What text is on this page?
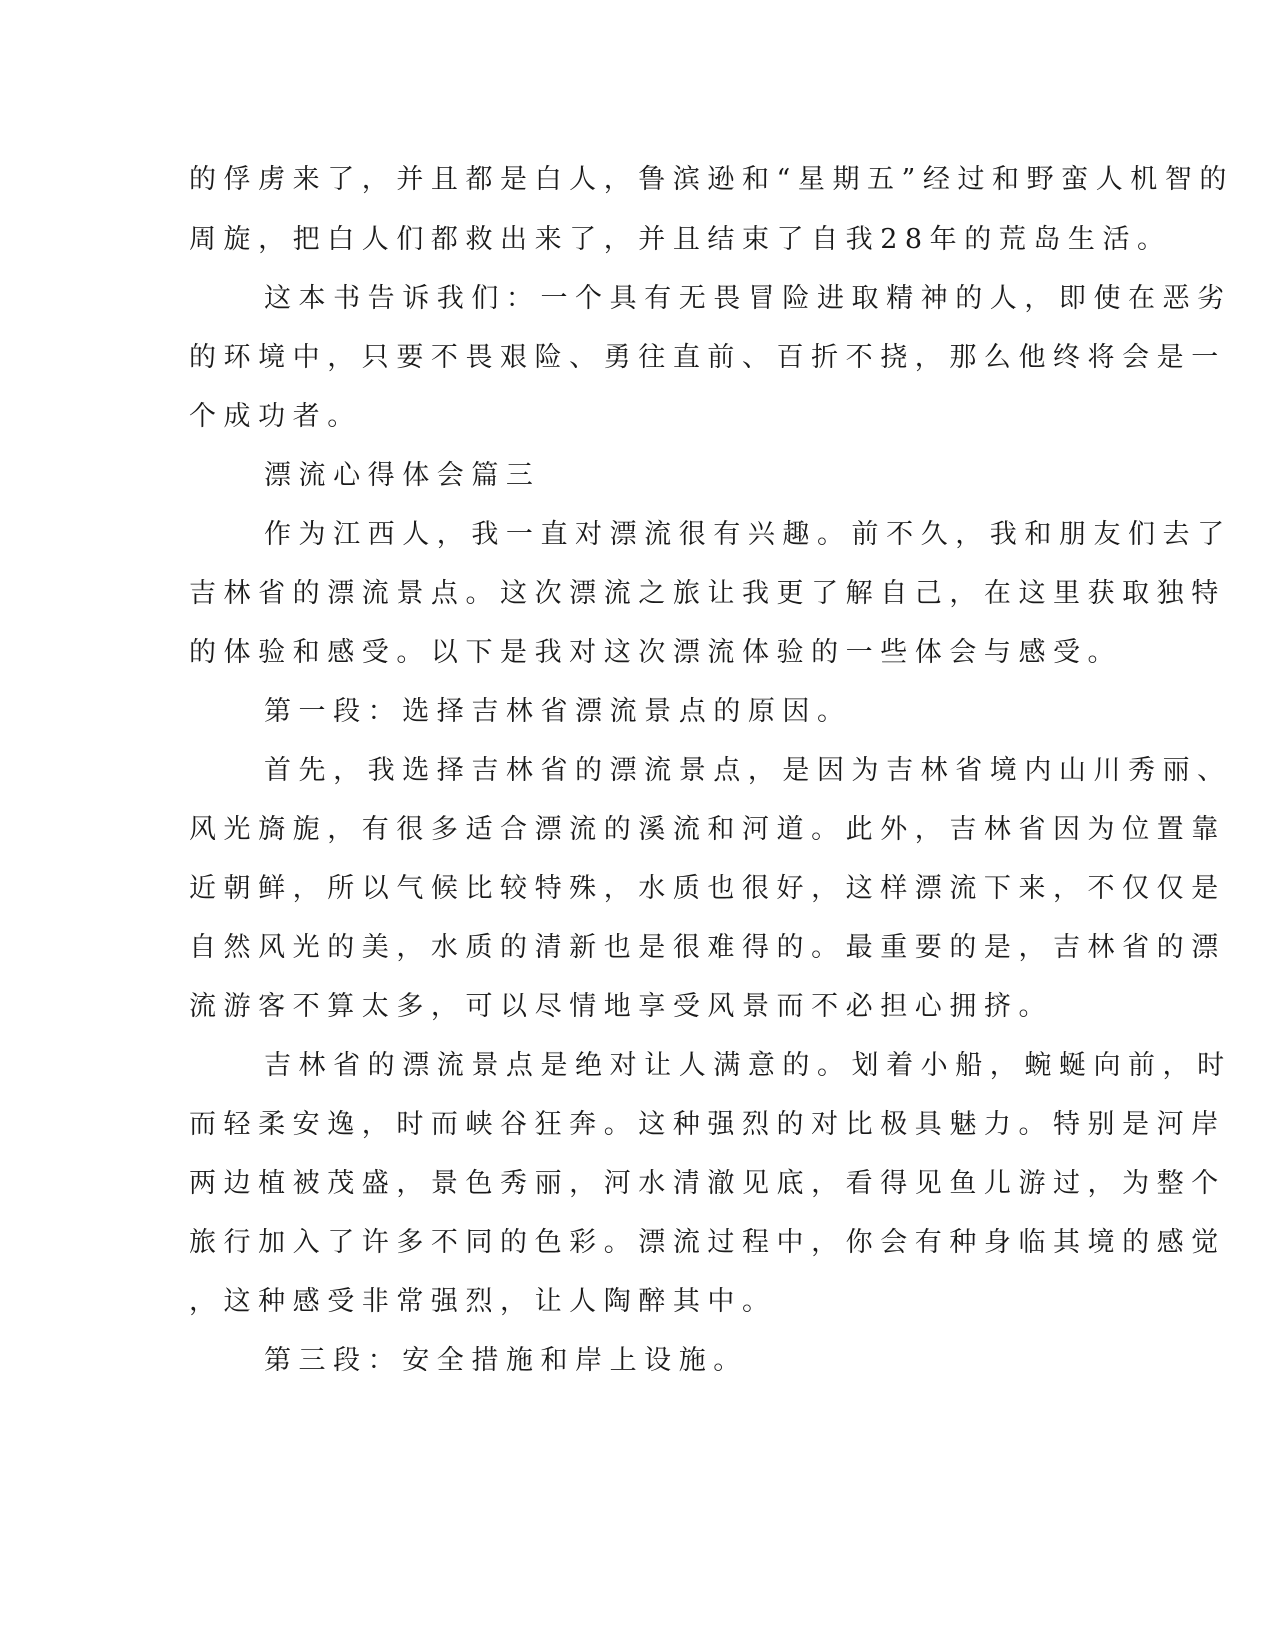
的俘虏来了，并且都是白人，鲁滨逊和“星期五”经过和野蛮人机智的
周旋，把白人们都救出来了，并且结束了自我28年的荒岛生活。
这本书告诉我们：一个具有无畏冒险进取精神的人，即使在恶劣
的环境中，只要不畏艰险、勇往直前、百折不挠，那么他终将会是一
个成功者。
漂流心得体会篇三
作为江西人，我一直对漂流很有兴趣。前不久，我和朋友们去了
吉林省的漂流景点。这次漂流之旅让我更了解自己，在这里获取独特
的体验和感受。以下是我对这次漂流体验的一些体会与感受。
第一段：选择吉林省漂流景点的原因。
首先，我选择吉林省的漂流景点，是因为吉林省境内山川秀丽、
风光旖旎，有很多适合漂流的溪流和河道。此外，吉林省因为位置靠
近朝鲜，所以气候比较特殊，水质也很好，这样漂流下来，不仅仅是
自然风光的美，水质的清新也是很难得的。最重要的是，吉林省的漂
流游客不算太多，可以尽情地享受风景而不必担心拥挤。
吉林省的漂流景点是绝对让人满意的。划着小船，蜿蜒向前，时
而轻柔安逸，时而峡谷狂奔。这种强烈的对比极具魅力。特别是河岸
两边植被茂盛，景色秀丽，河水清澈见底，看得见鱼儿游过，为整个
旅行加入了许多不同的色彩。漂流过程中，你会有种身临其境的感觉
，这种感受非常强烈，让人陶醉其中。
第三段：安全措施和岸上设施。
